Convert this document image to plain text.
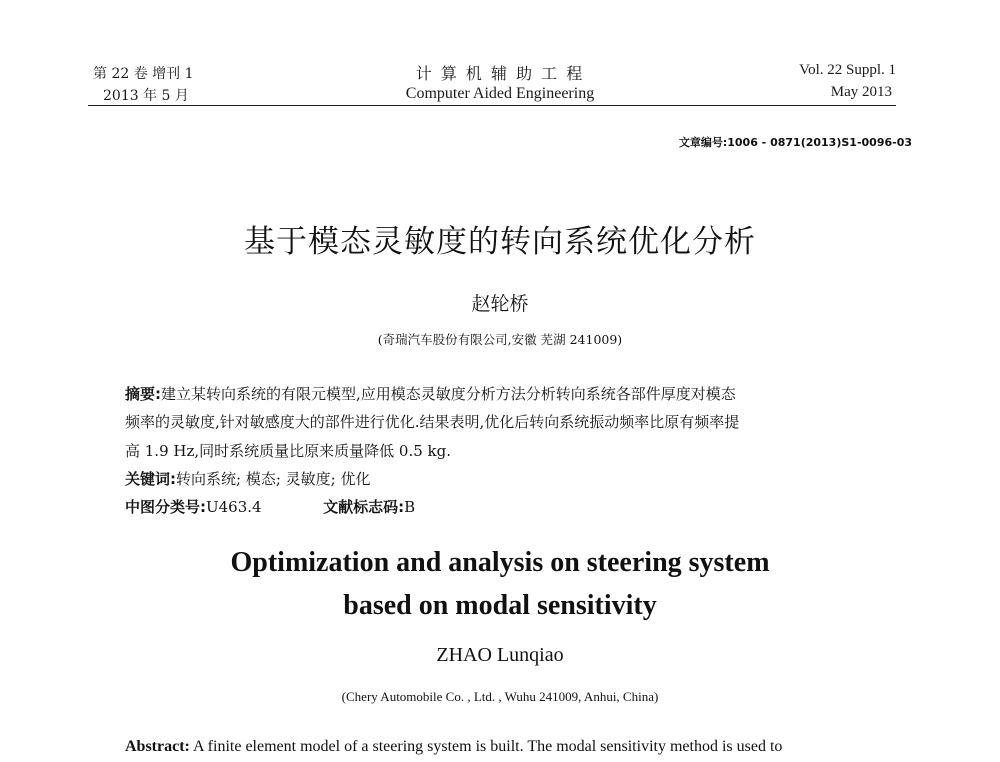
第 22 卷 增刊 1
2013 年 5 月
计 算 机 辅 助 工 程
Computer Aided Engineering
Vol. 22 Suppl. 1
May 2013
文章编号:1006 - 0871(2013)S1-0096-03
基于模态灵敏度的转向系统优化分析
赵轮桥
(奇瑞汽车股份有限公司,安徽 芜湖 241009)
摘要:建立某转向系统的有限元模型,应用模态灵敏度分析方法分析转向系统各部件厚度对模态
频率的灵敏度,针对敏感度大的部件进行优化.结果表明,优化后转向系统振动频率比原有频率提
高 1.9 Hz,同时系统质量比原来质量降低 0.5 kg.
关键词:转向系统; 模态; 灵敏度; 优化
中图分类号:U463.4	文献标志码:B
Optimization and analysis on steering system
based on modal sensitivity
ZHAO Lunqiao
(Chery Automobile Co. , Ltd. , Wuhu 241009, Anhui, China)
Abstract: A finite element model of a steering system is built. The modal sensitivity method is used to
